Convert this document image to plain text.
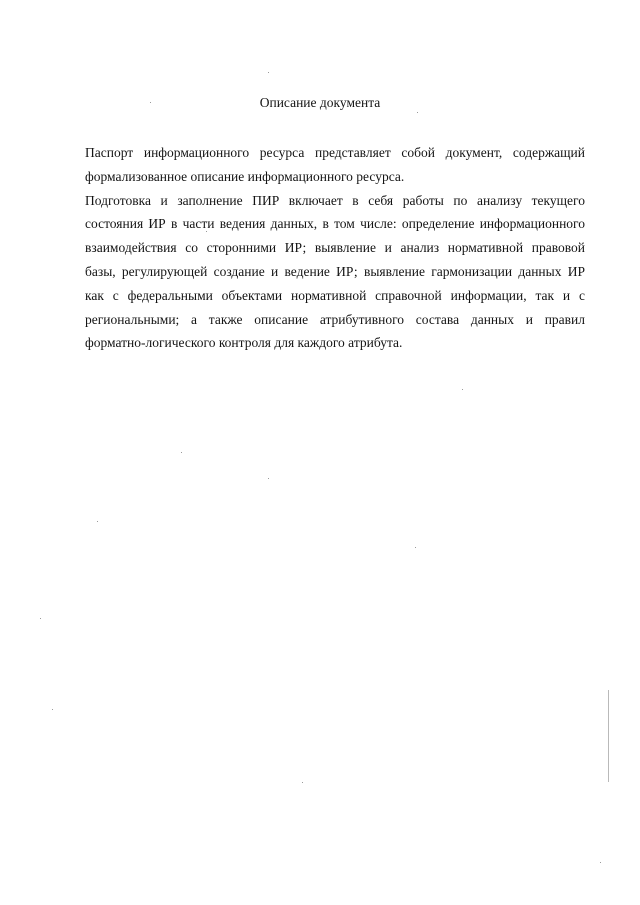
Описание документа
Паспорт информационного ресурса представляет собой документ, содержащий
формализованное описание информационного ресурса.
Подготовка и заполнение ПИР включает в себя работы по анализу текущего
состояния ИР в части ведения данных, в том числе: определение информационного
взаимодействия со сторонними ИР; выявление и анализ нормативной правовой
базы, регулирующей создание и ведение ИР; выявление гармонизации данных ИР
как с федеральными объектами нормативной справочной информации, так и с
региональными; а также описание атрибутивного состава данных и правил
форматно-логического контроля для каждого атрибута.
